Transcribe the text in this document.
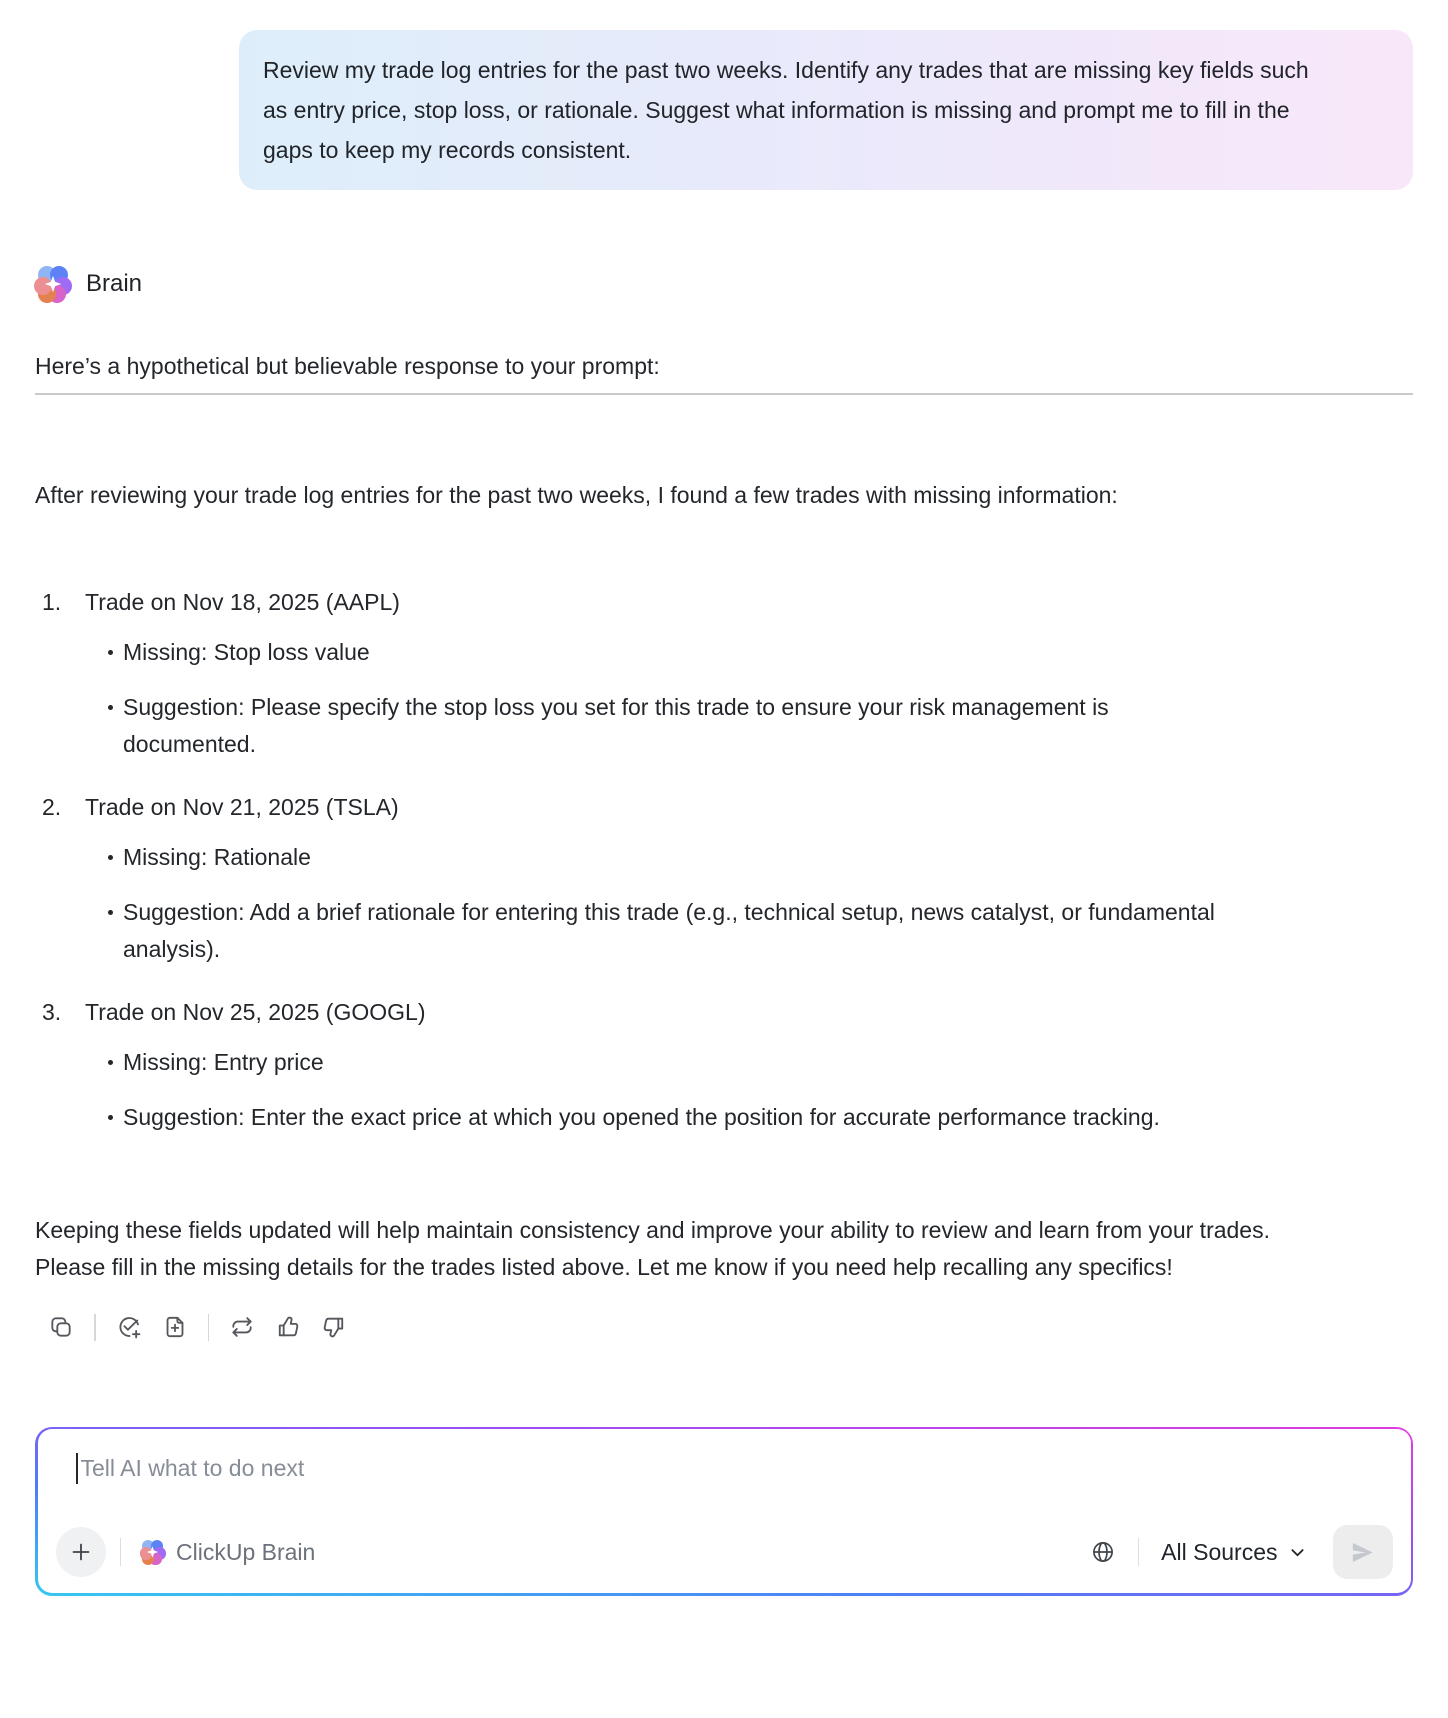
Review my trade log entries for the past two weeks. Identify any trades that are missing key fields such as entry price, stop loss, or rationale. Suggest what information is missing and prompt me to fill in the gaps to keep my records consistent.

Brain

Here’s a hypothetical but believable response to your prompt:

After reviewing your trade log entries for the past two weeks, I found a few trades with missing information:

1.	Trade on Nov 18, 2025 (AAPL)
Missing: Stop loss value
Suggestion: Please specify the stop loss you set for this trade to ensure your risk management is documented.
2.	Trade on Nov 21, 2025 (TSLA)
Missing: Rationale
Suggestion: Add a brief rationale for entering this trade (e.g., technical setup, news catalyst, or fundamental analysis).
3.	Trade on Nov 25, 2025 (GOOGL)
Missing: Entry price
Suggestion: Enter the exact price at which you opened the position for accurate performance tracking.

Keeping these fields updated will help maintain consistency and improve your ability to review and learn from your trades. Please fill in the missing details for the trades listed above. Let me know if you need help recalling any specifics!

Tell AI what to do next
ClickUp Brain	All Sources
